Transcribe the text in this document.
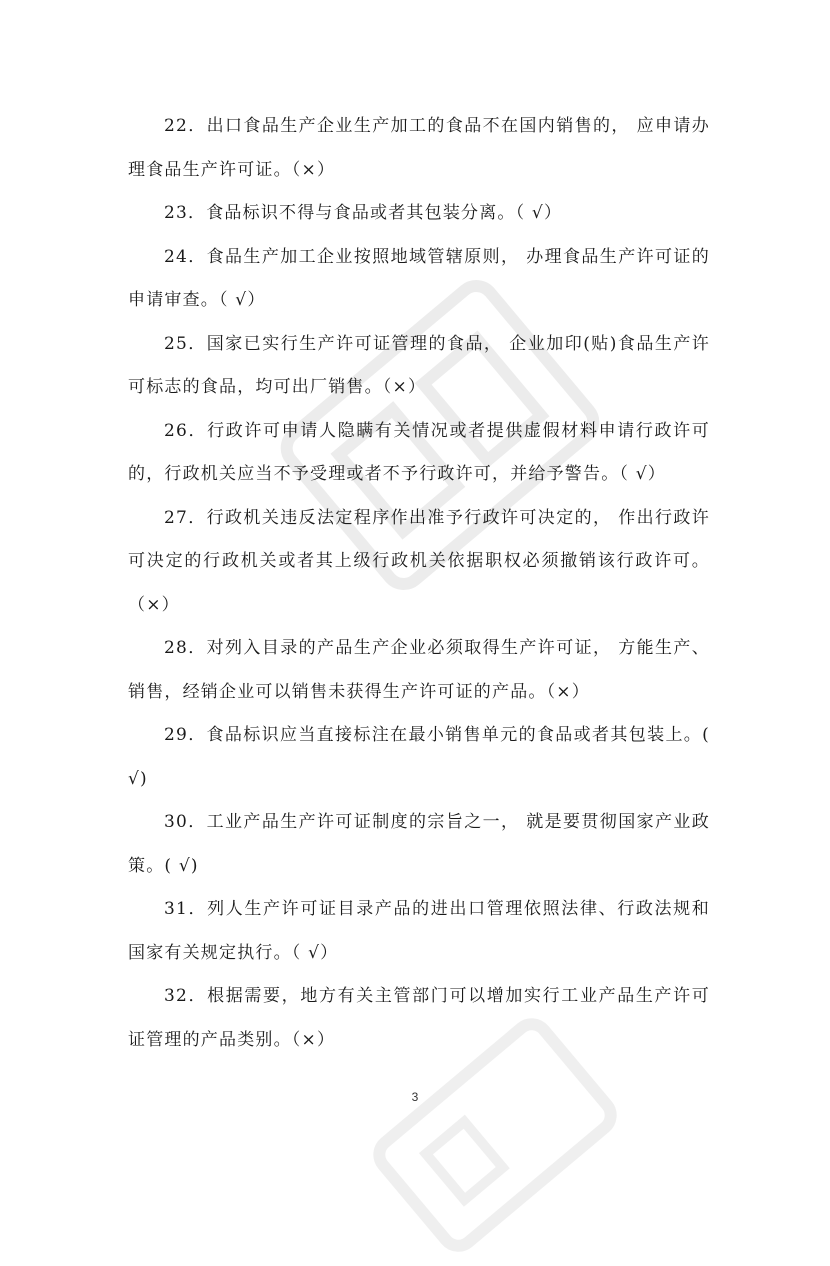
22．出口食品生产企业生产加工的食品不在国内销售的， 应申请办理食品生产许可证。（×）

23．食品标识不得与食品或者其包装分离。（ √）

24．食品生产加工企业按照地域管辖原则， 办理食品生产许可证的申请审查。（ √）

25．国家已实行生产许可证管理的食品， 企业加印(贴)食品生产许可标志的食品，均可出厂销售。（×）

26．行政许可申请人隐瞒有关情况或者提供虚假材料申请行政许可的，行政机关应当不予受理或者不予行政许可，并给予警告。（ √）

27．行政机关违反法定程序作出准予行政许可决定的， 作出行政许可决定的行政机关或者其上级行政机关依据职权必须撤销该行政许可。（×）

28．对列入目录的产品生产企业必须取得生产许可证， 方能生产、销售，经销企业可以销售未获得生产许可证的产品。（×）

29．食品标识应当直接标注在最小销售单元的食品或者其包装上。( √)

30．工业产品生产许可证制度的宗旨之一， 就是要贯彻国家产业政策。( √)

31．列人生产许可证目录产品的进出口管理依照法律、行政法规和国家有关规定执行。（ √）

32．根据需要，地方有关主管部门可以增加实行工业产品生产许可证管理的产品类别。（×）

3
